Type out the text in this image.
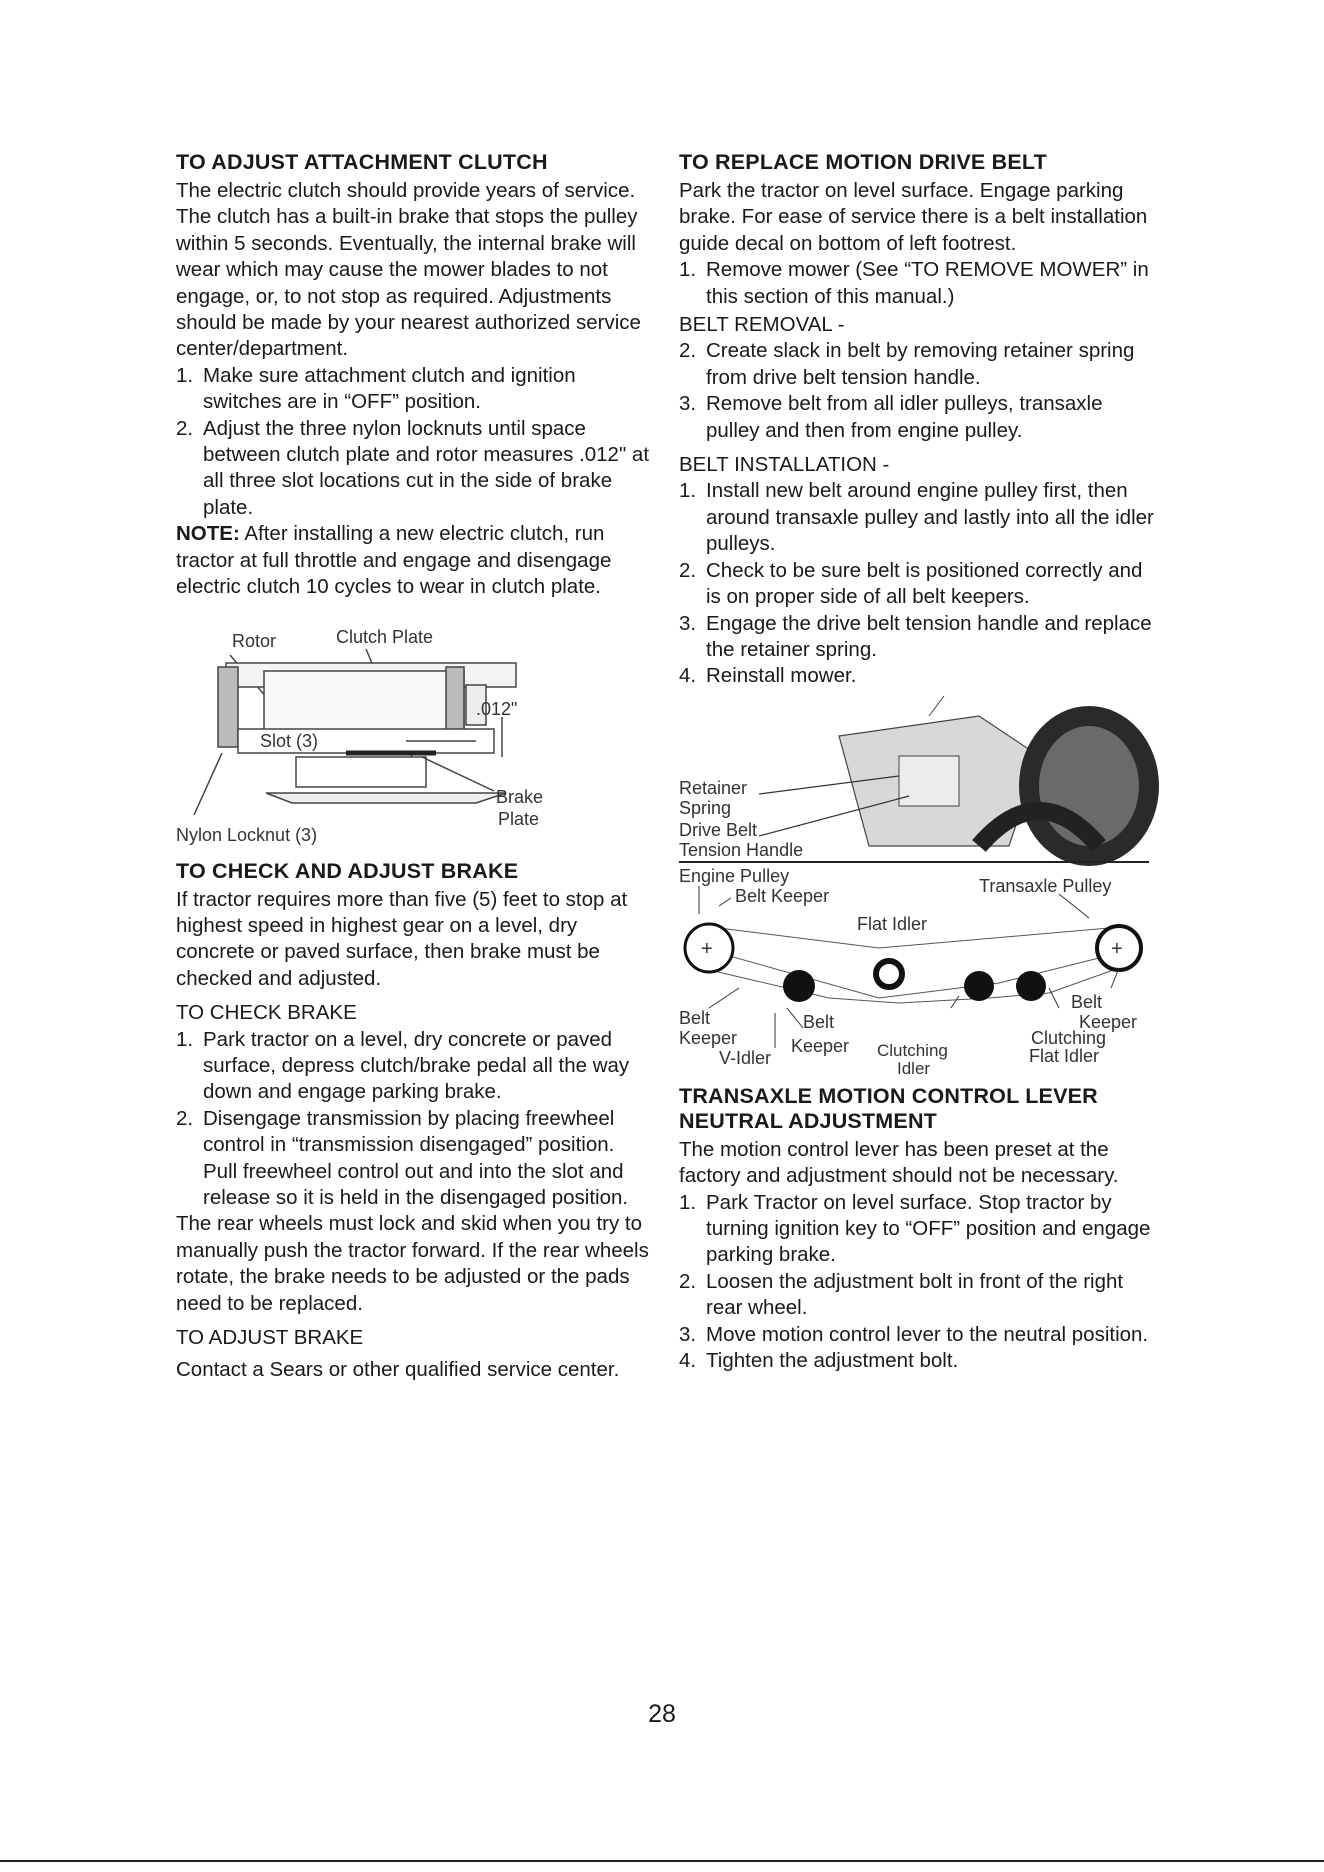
TO ADJUST ATTACHMENT CLUTCH

The electric clutch should provide years of service. The clutch has a built-in brake that stops the pulley within 5 seconds. Eventually, the internal brake will wear which may cause the mower blades to not engage, or, to not stop as required. Adjustments should be made by your nearest authorized service center/department.

1. Make sure attachment clutch and ignition switches are in “OFF” position.
2. Adjust the three nylon locknuts until space between clutch plate and rotor measures .012" at all three slot locations cut in the side of brake plate.

NOTE: After installing a new electric clutch, run tractor at full throttle and engage and disengage electric clutch 10 cycles to wear in clutch plate.

Rotor	Clutch Plate
.012"
Slot (3)
Brake
Plate
Nylon Locknut (3)
TO CHECK AND ADJUST BRAKE

If tractor requires more than five (5) feet to stop at highest speed in highest gear on a level, dry concrete or paved surface, then brake must be checked and adjusted.

TO CHECK BRAKE
1. Park tractor on a level, dry concrete or paved surface, depress clutch/brake pedal all the way down and engage parking brake.
2. Disengage transmission by placing freewheel control in “transmission disengaged” position. Pull freewheel control out and into the slot and release so it is held in the disengaged position.

The rear wheels must lock and skid when you try to manually push the tractor forward. If the rear wheels rotate, the brake needs to be adjusted or the pads need to be replaced.

TO ADJUST BRAKE

Contact a Sears or other qualified service center.

TO REPLACE MOTION DRIVE BELT

Park the tractor on level surface. Engage parking brake. For ease of service there is a belt installation guide decal on bottom of left footrest.

1. Remove mower (See “TO REMOVE MOWER” in this section of this manual.)
BELT REMOVAL -
2. Create slack in belt by removing retainer spring from drive belt tension handle.
3. Remove belt from all idler pulleys, transaxle pulley and then from engine pulley.
BELT INSTALLATION -
1. Install new belt around engine pulley first, then around transaxle pulley and lastly into all the idler pulleys.
2. Check to be sure belt is positioned correctly and is on proper side of all belt keepers.
3. Engage the drive belt tension handle and replace the retainer spring.
4. Reinstall mower.
Retainer
Spring
Drive Belt
Tension Handle
+	+
Engine Pulley
Belt Keeper	Transaxle Pulley
Flat Idler
Belt
Keeper
Belt
Keeper
V-Idler	Clutching
Idler
Belt
Keeper
Clutching
Flat Idler
TRANSAXLE MOTION CONTROL LEVER NEUTRAL ADJUSTMENT

The motion control lever has been preset at the factory and adjustment should not be necessary.

1. Park Tractor on level surface. Stop tractor by turning ignition key to “OFF” position and engage parking brake.
2. Loosen the adjustment bolt in front of the right rear wheel.
3. Move motion control lever to the neutral position.
4. Tighten the adjustment bolt.
28
